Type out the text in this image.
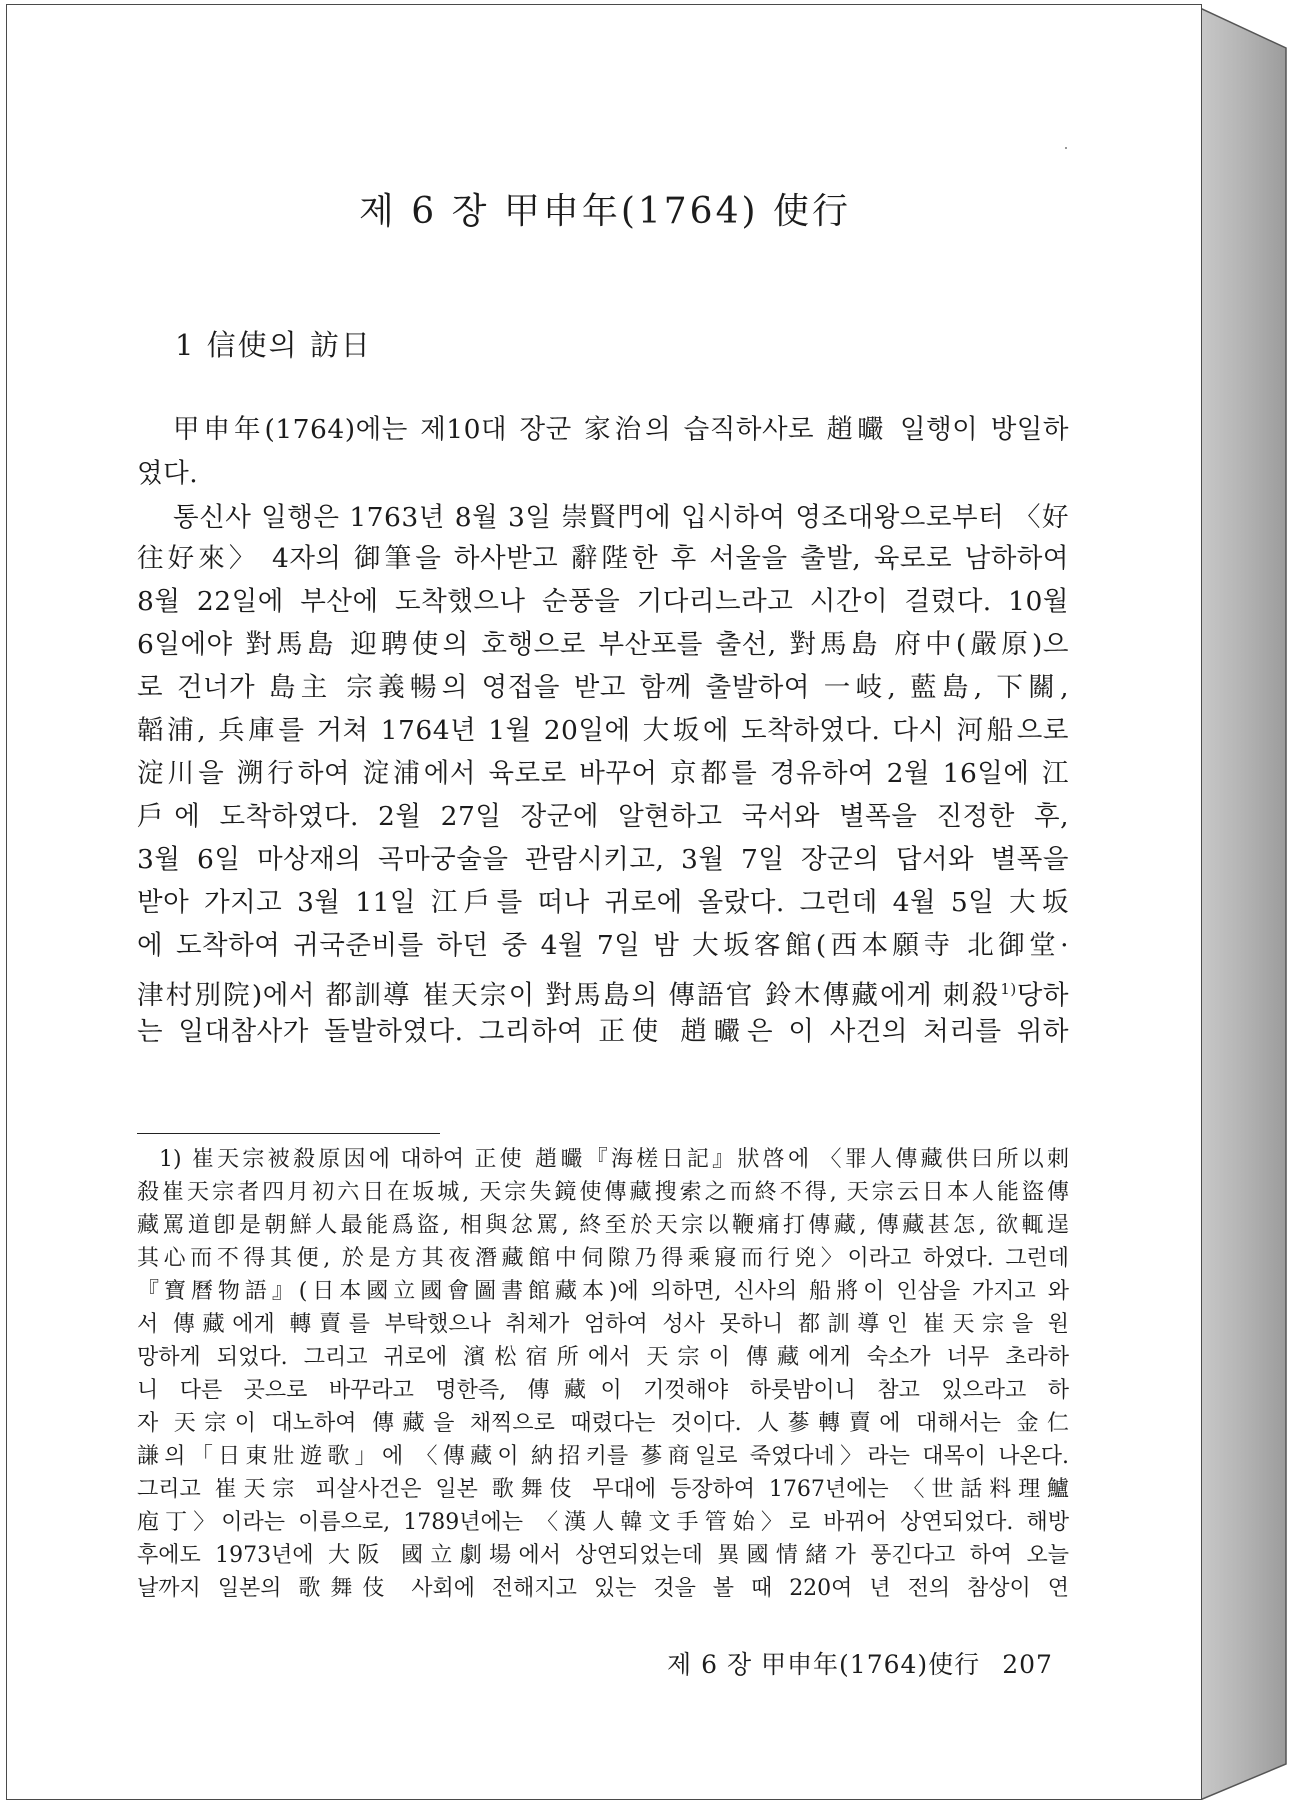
제 6 장 甲申年(1764) 使行
1 信使의 訪日
甲申年(1764)에는 제10대 장군 家治의 습직하사로 趙曮 일행이 방일하
였다.
통신사 일행은 1763년 8월 3일 崇賢門에 입시하여 영조대왕으로부터 〈好
往好來〉 4자의 御筆을 하사받고 辭陛한 후 서울을 출발, 육로로 남하하여
8월 22일에 부산에 도착했으나 순풍을 기다리느라고 시간이 걸렸다. 10월
6일에야 對馬島 迎聘使의 호행으로 부산포를 출선, 對馬島 府中(嚴原)으
로 건너가 島主 宗義暢의 영접을 받고 함께 출발하여 一岐, 藍島, 下關,
韜浦, 兵庫를 거쳐 1764년 1월 20일에 大坂에 도착하였다. 다시 河船으로
淀川을 溯行하여 淀浦에서 육로로 바꾸어 京都를 경유하여 2월 16일에 江
戶에 도착하였다. 2월 27일 장군에 알현하고 국서와 별폭을 진정한 후,
3월 6일 마상재의 곡마궁술을 관람시키고, 3월 7일 장군의 답서와 별폭을
받아 가지고 3월 11일 江戶를 떠나 귀로에 올랐다. 그런데 4월 5일 大坂
에 도착하여 귀국준비를 하던 중 4월 7일 밤 大坂客館(西本願寺 北御堂·
津村別院)에서 都訓導 崔天宗이 對馬島의 傳語官 鈴木傳藏에게 刺殺$^{1)}$당하
는 일대참사가 돌발하였다. 그리하여 正使 趙曮은 이 사건의 처리를 위하
1) 崔天宗被殺原因에 대하여 正使 趙曮『海槎日記』狀啓에 〈罪人傳藏供曰所以刺
殺崔天宗者四月初六日在坂城, 天宗失鏡使傳藏搜索之而終不得, 天宗云日本人能盜傳
藏罵道卽是朝鮮人最能爲盜, 相與忿罵, 終至於天宗以鞭痛打傳藏, 傳藏甚怎, 欲輒逞
其心而不得其便, 於是方其夜潛藏館中伺隙乃得乘寢而行兇〉이라고 하였다. 그런데
『寶曆物語』(日本國立國會圖書館藏本)에 의하면, 신사의 船將이 인삼을 가지고 와
서 傳藏에게 轉賣를 부탁했으나 취체가 엄하여 성사 못하니 都訓導인 崔天宗을 원
망하게 되었다. 그리고 귀로에 濱松宿所에서 天宗이 傳藏에게 숙소가 너무 초라하
니 다른 곳으로 바꾸라고 명한즉, 傳藏이 기껏해야 하룻밤이니 참고 있으라고 하
자 天宗이 대노하여 傳藏을 채찍으로 때렸다는 것이다. 人蔘轉賣에 대해서는 金仁
謙의「日東壯遊歌」에 〈傳藏이 納招키를 蔘商일로 죽였다네〉라는 대목이 나온다.
그리고 崔天宗 피살사건은 일본 歌舞伎 무대에 등장하여 1767년에는 〈世話料理鱸
庖丁〉이라는 이름으로, 1789년에는 〈漢人韓文手管始〉로 바뀌어 상연되었다. 해방
후에도 1973년에 大阪 國立劇場에서 상연되었는데 異國情緒가 풍긴다고 하여 오늘
날까지 일본의 歌舞伎 사회에 전해지고 있는 것을 볼 때 220여 년 전의 참상이 연
제 6 장 甲申年(1764)使行 207
